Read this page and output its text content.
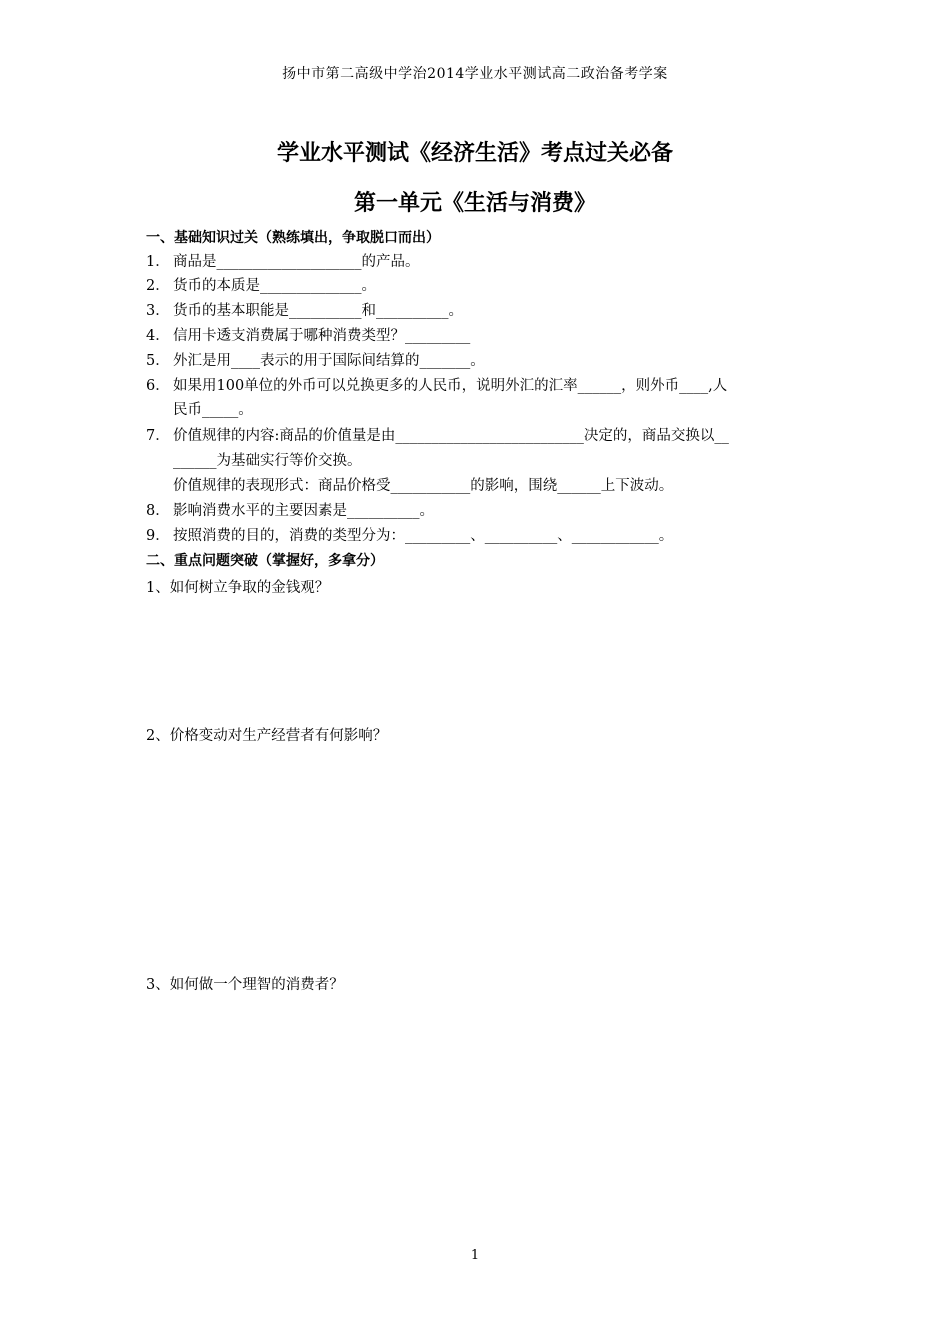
扬中市第二高级中学治2014学业水平测试高二政治备考学案
学业水平测试《经济生活》考点过关必备
第一单元《生活与消费》
一、基础知识过关（熟练填出，争取脱口而出）
1． 商品是____________________的产品。
2． 货币的本质是______________。
3． 货币的基本职能是__________和__________。
4． 信用卡透支消费属于哪种消费类型？_________
5． 外汇是用____表示的用于国际间结算的_______。
6． 如果用100单位的外币可以兑换更多的人民币，说明外汇的汇率______，则外币____,人
民币_____。
7． 价值规律的内容:商品的价值量是由__________________________决定的，商品交换以__
______为基础实行等价交换。
价值规律的表现形式：商品价格受___________的影响，围绕______上下波动。
8． 影响消费水平的主要因素是__________。
9． 按照消费的目的，消费的类型分为：_________、__________、____________。
二、重点问题突破（掌握好，多拿分）
1、如何树立争取的金钱观？
2、价格变动对生产经营者有何影响？
3、如何做一个理智的消费者？
1
